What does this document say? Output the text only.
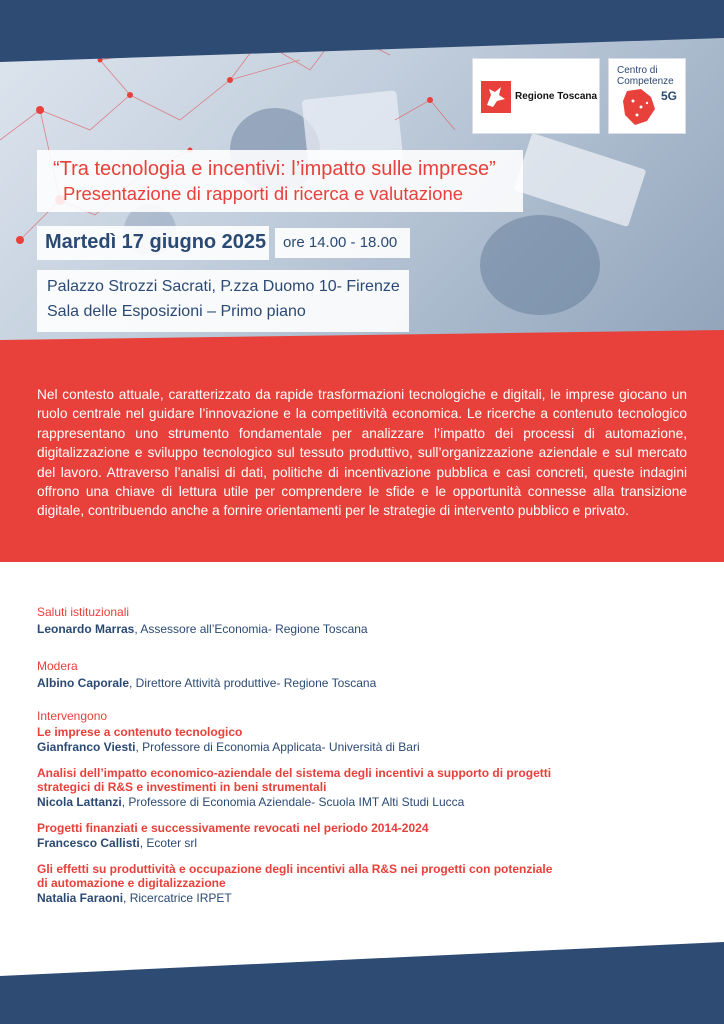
Regione Toscana
Centro di
Competenze
5G
“Tra tecnologia e incentivi: l’impatto sulle imprese”
Presentazione di rapporti di ricerca e valutazione
Martedì 17 giugno 2025 ore 14.00 - 18.00
Palazzo Strozzi Sacrati, P.zza Duomo 10- Firenze
Sala delle Esposizioni – Primo piano

Nel contesto attuale, caratterizzato da rapide trasformazioni tecnologiche e digitali, le imprese giocano un ruolo centrale nel guidare l’innovazione e la competitività economica. Le ricerche a contenuto tecnologico rappresentano uno strumento fondamentale per analizzare l’impatto dei processi di automazione, digitalizzazione e sviluppo tecnologico sul tessuto produttivo, sull’organizzazione aziendale e sul mercato del lavoro. Attraverso l’analisi di dati, politiche di incentivazione pubblica e casi concreti, queste indagini offrono una chiave di lettura utile per comprendere le sfide e le opportunità connesse alla transizione digitale, contribuendo anche a fornire orientamenti per le strategie di intervento pubblico e privato.

Saluti istituzionali
Leonardo Marras, Assessore all’Economia- Regione Toscana
Modera
Albino Caporale, Direttore Attività produttive- Regione Toscana
Intervengono
Le imprese a contenuto tecnologico
Gianfranco Viesti, Professore di Economia Applicata- Università di Bari
Analisi dell’impatto economico-aziendale del sistema degli incentivi a supporto di progetti
strategici di R&S e investimenti in beni strumentali
Nicola Lattanzi, Professore di Economia Aziendale- Scuola IMT Alti Studi Lucca
Progetti finanziati e successivamente revocati nel periodo 2014-2024
Francesco Callisti, Ecoter srl
Gli effetti su produttività e occupazione degli incentivi alla R&S nei progetti con potenziale
di automazione e digitalizzazione
Natalia Faraoni, Ricercatrice IRPET
